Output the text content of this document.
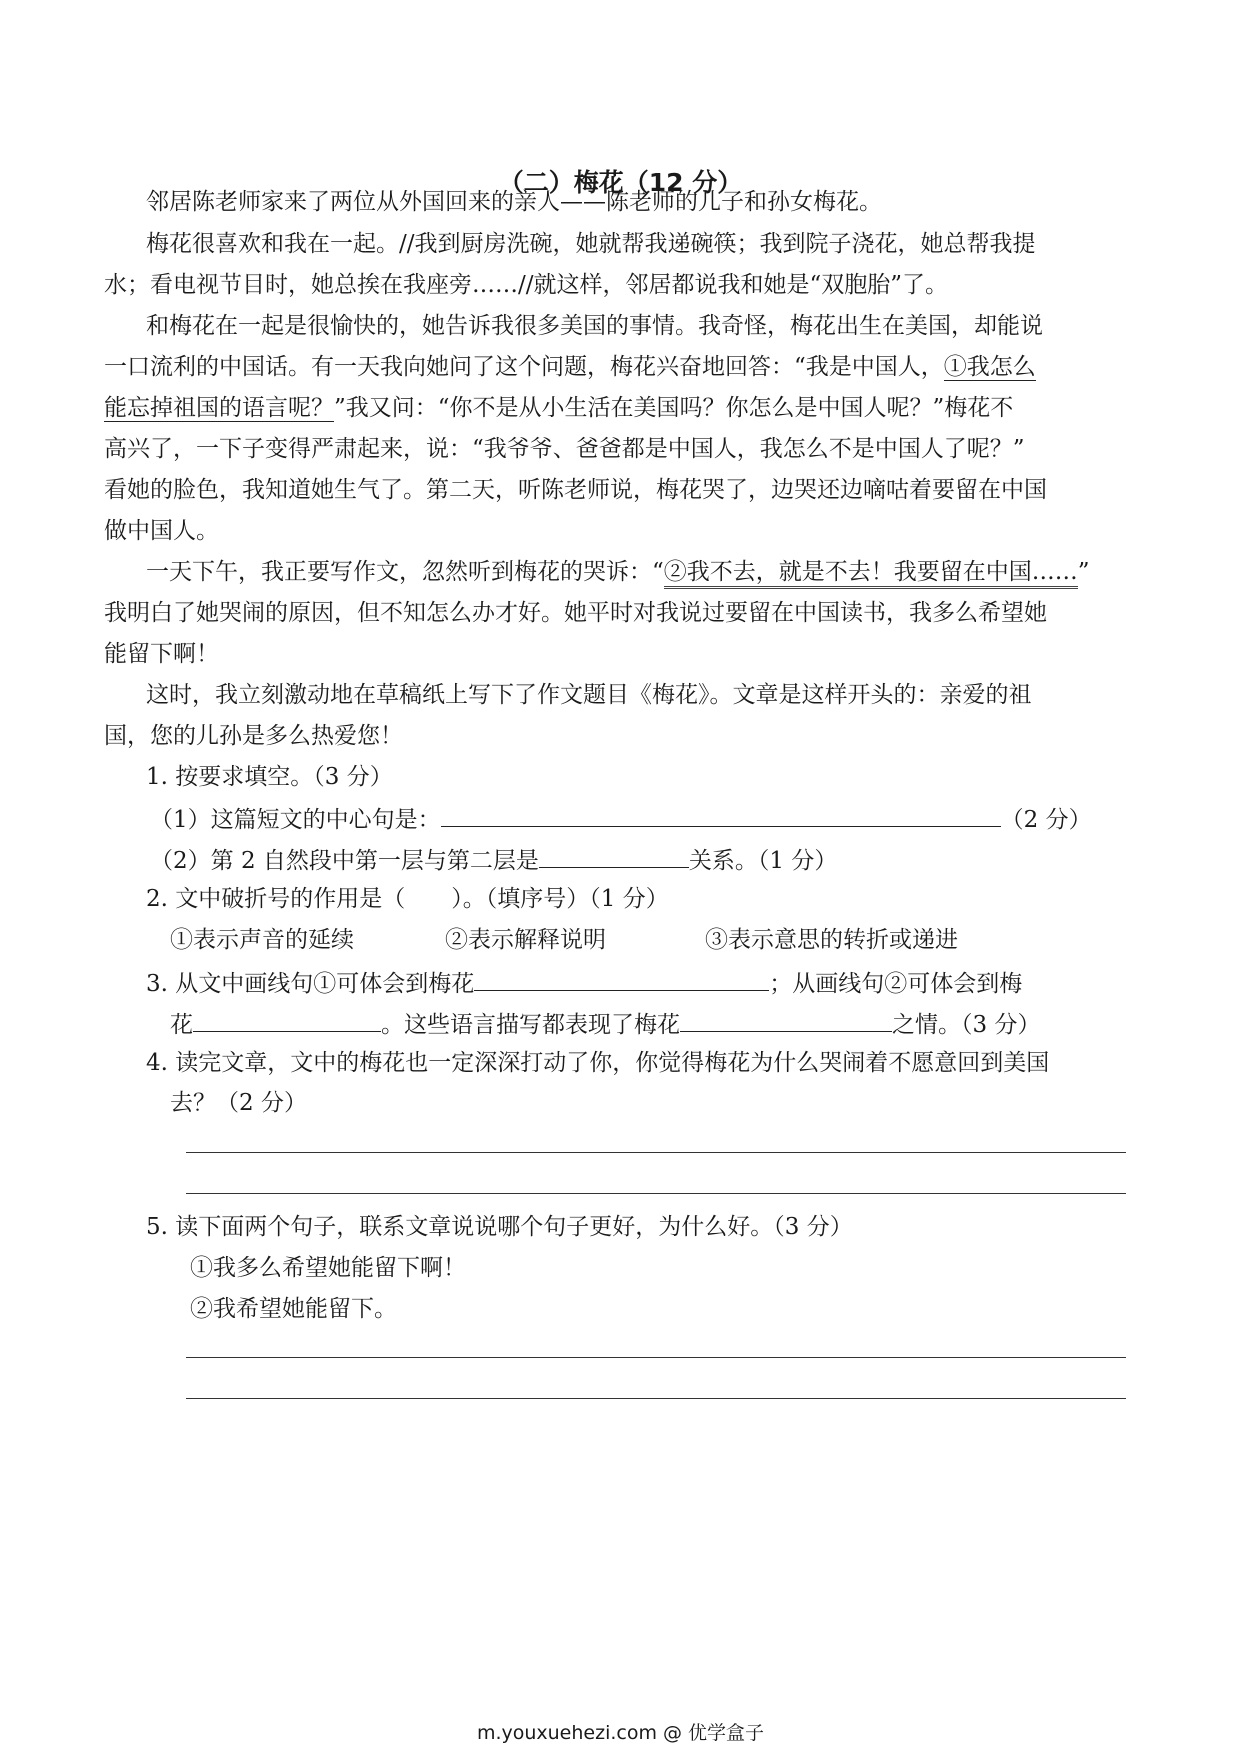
（二）梅花（12 分）
邻居陈老师家来了两位从外国回来的亲人——陈老师的儿子和孙女梅花。
梅花很喜欢和我在一起。//我到厨房洗碗，她就帮我递碗筷；我到院子浇花，她总帮我提
水；看电视节目时，她总挨在我座旁……//就这样，邻居都说我和她是“双胞胎”了。
和梅花在一起是很愉快的，她告诉我很多美国的事情。我奇怪，梅花出生在美国，却能说
一口流利的中国话。有一天我向她问了这个问题，梅花兴奋地回答：“我是中国人，①我怎么
能忘掉祖国的语言呢？”我又问：“你不是从小生活在美国吗？你怎么是中国人呢？”梅花不
高兴了，一下子变得严肃起来，说：“我爷爷、爸爸都是中国人，我怎么不是中国人了呢？”
看她的脸色，我知道她生气了。第二天，听陈老师说，梅花哭了，边哭还边嘀咕着要留在中国
做中国人。
一天下午，我正要写作文，忽然听到梅花的哭诉：“②我不去，就是不去！我要留在中国……”
我明白了她哭闹的原因，但不知怎么办才好。她平时对我说过要留在中国读书，我多么希望她
能留下啊！
这时，我立刻激动地在草稿纸上写下了作文题目《梅花》。文章是这样开头的：亲爱的祖
国，您的儿孙是多么热爱您！
1. 按要求填空。（3 分）
（1）这篇短文的中心句是：	（2 分）
（2）第 2 自然段中第一层与第二层是	关系。（1 分）
2. 文中破折号的作用是（　　）。（填序号）（1 分）
①表示声音的延续	②表示解释说明	③表示意思的转折或递进
3. 从文中画线句①可体会到梅花	；从画线句②可体会到梅
花	。这些语言描写都表现了梅花	之情。（3 分）
4. 读完文章，文中的梅花也一定深深打动了你，你觉得梅花为什么哭闹着不愿意回到美国
去？（2 分）
5. 读下面两个句子，联系文章说说哪个句子更好，为什么好。（3 分）
①我多么希望她能留下啊！
②我希望她能留下。
m.youxuehezi.com @ 优学盒子
